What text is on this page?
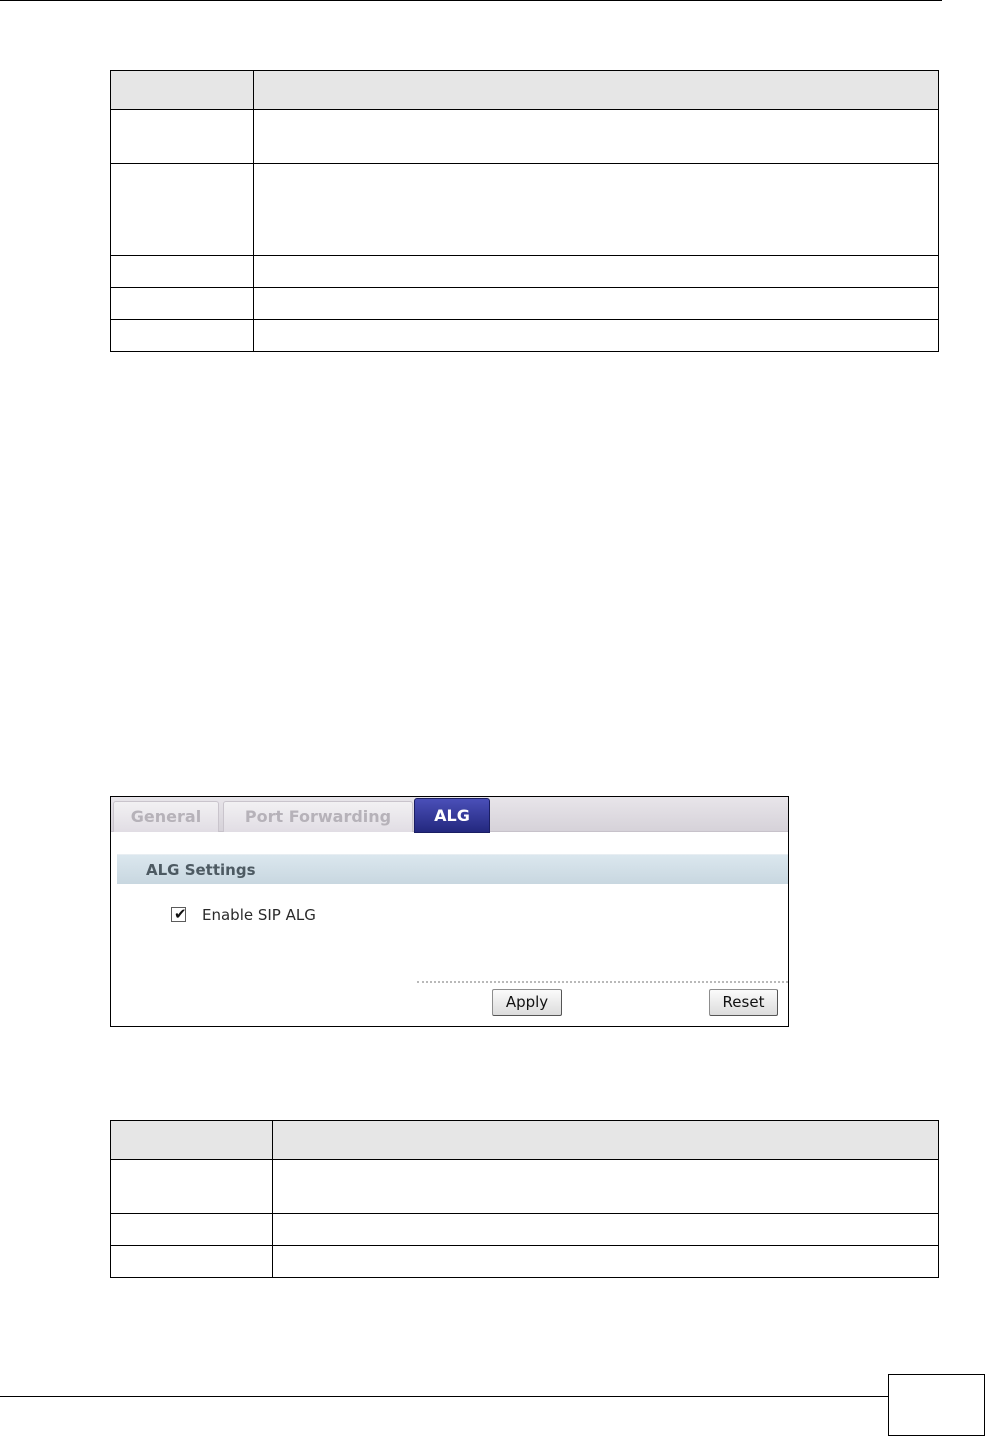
General	Port Forwarding	ALG
ALG Settings
✔ Enable SIP ALG
Apply	Reset
